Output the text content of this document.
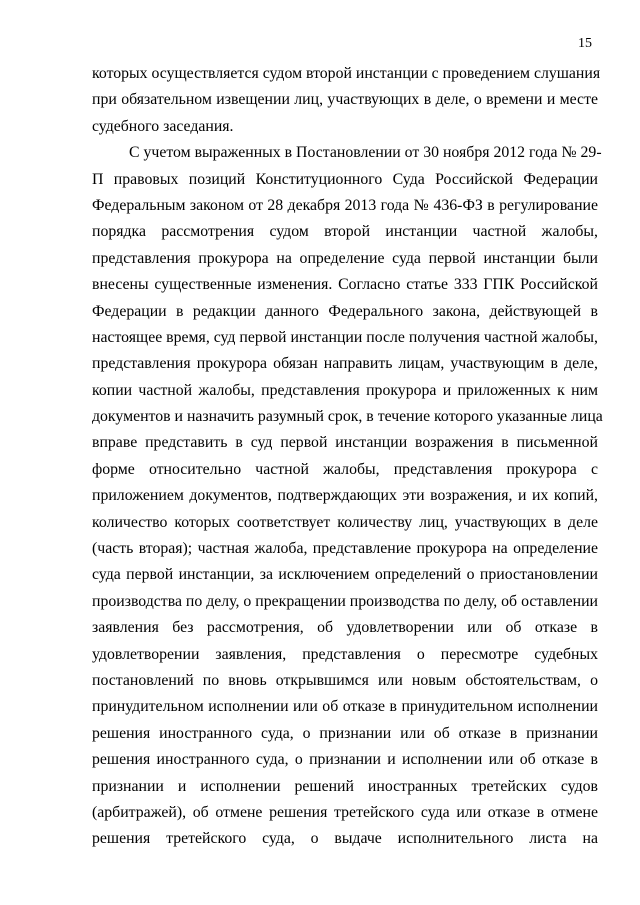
15
которых осуществляется судом второй инстанции с проведением слушания
при обязательном извещении лиц, участвующих в деле, о времени и месте
судебного заседания.
С учетом выраженных в Постановлении от 30 ноября 2012 года № 29-
П правовых позиций Конституционного Суда Российской Федерации
Федеральным законом от 28 декабря 2013 года № 436-ФЗ в регулирование
порядка рассмотрения судом второй инстанции частной жалобы,
представления прокурора на определение суда первой инстанции были
внесены существенные изменения. Согласно статье 333 ГПК Российской
Федерации в редакции данного Федерального закона, действующей в
настоящее время, суд первой инстанции после получения частной жалобы,
представления прокурора обязан направить лицам, участвующим в деле,
копии частной жалобы, представления прокурора и приложенных к ним
документов и назначить разумный срок, в течение которого указанные лица
вправе представить в суд первой инстанции возражения в письменной
форме относительно частной жалобы, представления прокурора с
приложением документов, подтверждающих эти возражения, и их копий,
количество которых соответствует количеству лиц, участвующих в деле
(часть вторая); частная жалоба, представление прокурора на определение
суда первой инстанции, за исключением определений о приостановлении
производства по делу, о прекращении производства по делу, об оставлении
заявления без рассмотрения, об удовлетворении или об отказе в
удовлетворении заявления, представления о пересмотре судебных
постановлений по вновь открывшимся или новым обстоятельствам, о
принудительном исполнении или об отказе в принудительном исполнении
решения иностранного суда, о признании или об отказе в признании
решения иностранного суда, о признании и исполнении или об отказе в
признании и исполнении решений иностранных третейских судов
(арбитражей), об отмене решения третейского суда или отказе в отмене
решения третейского суда, о выдаче исполнительного листа на
